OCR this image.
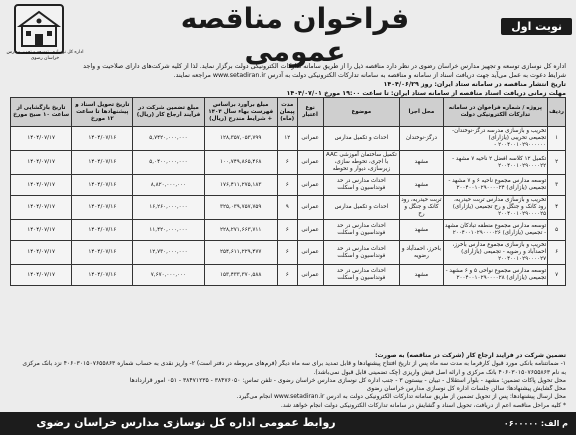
نوبت اول
فراخوان مناقصه عمومی
اداره کل نوسازی، توسعه و تجهیز مدارس خراسان رضوی
اداره کل نوسازی توسعه و تجهیز مدارس خراسان رضوی در نظر دارد مناقصه ذیل را از طریق سامانه تدارکات الکترونیکی دولت برگزار نماید. لذا از کلیه شرکت‌های دارای صلاحیت و واجد
شرایط دعوت به عمل می‌آید جهت دریافت اسناد از سامانه و مناقصه به سامانه تدارکات الکترونیکی دولت به آدرس www.setadiran.ir مراجعه نمایند.
تاریخ انتشار مناقصه در سامانه ستاد ایران: روز ۱۴۰۴/۰۶/۲۹
مهلت زمانی دریافت اسناد مناقصه از سامانه ستاد ایران: تا ساعت ۱۹:۰۰ مورخ ۱۴۰۴/۰۷/۰۱
ردیف	پروژه / شماره فراخوان در سامانه تدارکات الکترونیکی دولت	محل اجرا	موضوع	نوع اعتبار	مدت پیمان (ماه)	مبلغ برآورد براساس فهرست بهاء سال ۱۴۰۴ + شرایط مندرج (ریال)	مبلغ تضمین شرکت در فرآیند ارجاع کار (ریال)	تاریخ تحویل اسناد و پیشنهادها تا ساعت ۱۲ مورخ	تاریخ بازگشایی از ساعت ۱۰ صبح مورخ
۱	تخریب و بازسازی مدرسه درگز-نوخندان- تجمیعی تحریبی (یازارای) ۲۰۰۴۰۰۱۰۲۹۰۰۰۰۰۰ -	درگز-نوخندان	احداث و تکمیل مدارس	عمرانی	۱۲	۱۲۸,۳۵۷,۰۵۳,۷۹۹	۵,۷۴۲۰,۰۰۰,۰۰۰	۱۴۰۴/۰۷/۱۶	۱۴۰۴/۰۷/۱۷
۲	تکمیل ۱۲ کلاسه افضل ۲ ناحیه ۷ مشهد - ۲۰۰۴۰۰۱۰۲۹۰۰۰۰۲۲	مشهد	تکمیل ساختمان آموزشی AAC با اجری، تحوطه سازی، زیرسازی، دیوار و تحوطه	عمرانی	۶	۱۰۰,۷۴۹,۸۶۵,۴۶۸	۵,۰۴۰۰,۰۰۰,۰۰۰	۱۴۰۴/۰۷/۱۶	۱۴۰۴/۰۷/۱۷
۳	توسعه مدارس مجموع ناحیه ۶ و ۷ مشهد - تجمیعی (یازارای) ۲۰۰۴۰۰۱۰۲۹۰۰۰۰۲۴	مشهد	احداث مدارس در حد فونداسیون و اسکلت	عمرانی	۶	۱۷۶,۴۱۱,۲۷۵,۱۸۳	۸,۸۲۰,۰۰۰,۰۰۰	۱۴۰۴/۰۷/۱۶	۱۴۰۴/۰۷/۱۷
۴	تخریب و بازسازی مدارس تربت حیدریه، رود کانک و جنگل و رخ تجمیعی (یازارای) ۲۰۰۴۰۰۱۰۲۹۰۰۰۰۲۵	تربت حیدریه، رود کانک و جنگل و رخ	احداث و تکمیل مدارس	عمرانی	۹	۳۲۵,۰۳۹,۷۵۷,۷۵۹	۱۶,۲۶۰,۰۰۰,۰۰۰	۱۴۰۴/۰۷/۱۶	۱۴۰۴/۰۷/۱۷
۵	توسعه مدارس مجموع منطقه تبادکان مشهد - تجمیعی (یازارای) ۲۰۰۴۰۰۱۰۲۹۰۰۰۰۲۶	مشهد	احداث مدارس در حد فونداسیون و اسکلت	عمرانی	۶	۲۲۸,۲۷۱,۶۶۳,۷۱۱	۱۱,۴۲۰,۰۰۰,۰۰۰	۱۴۰۴/۰۷/۱۶	۱۴۰۴/۰۷/۱۷
۶	تخریب و بازسازی مجموع مدارس باخرز، احمدآباد و رضویه - تجمیعی (یازارای) ۲۰۰۴۰۰۱۰۲۹۰۰۰۰۲۷	باخرز، احمدآباد و رضویه	احداث مدارس در حد فونداسیون و اسکلت	عمرانی	۶	۲۵۴,۶۱۱,۲۲۹,۴۷۷	۱۲,۷۳۰,۰۰۰,۰۰۰	۱۴۰۴/۰۷/۱۶	۱۴۰۴/۰۷/۱۷
۷	توسعه مدارس مجموع نواحی ۵ و ۶ مشهد - تجمیعی (یازارای) ۲۰۰۴۰۰۱۰۲۹۰۰۰۰۲۸	مشهد	احداث مدارس در حد فونداسیون و اسکلت	عمرانی	۶	۱۵۳,۴۳۳,۳۷۰,۵۸۸	۷,۶۷۰,۰۰۰,۰۰۰	۱۴۰۴/۰۷/۱۶	۱۴۰۴/۰۷/۱۷
تضمین شرکت در فرآیند ارجاع کار (شرکت در مناقصه) به صورت:
۱- ضمانتنامه بانکی مورد قبول کارفرما به مدت سه ماه پس از تاریخ افتتاح پیشنهادها و قابل تمدید برای سه ماه دیگر (فرم‌های مربوطه در دفتر است) ۲- واریز نقدی به حساب شماره ۴۰۶۰۳۰۱۵۰۷۶۵۵۸۶۳ نزد بانک مرکزی
به نام ۴۰۶۰۳۰۱۵۰۷۶۵۵۸۶۳ بانک مرکزی و ارائه اصل فیش واریزی (چک تضمینی قابل قبول نمی‌باشد).
محل تحویل پاکات تضمین: مشهد - بلوار استقلال - تبیان - بیستون ۳ - جنب اداره کل نوسازی مدارس خراسان رضوی - تلفن تماس: ۳۸۴۷۶۰۵۰ - ۳۸۴۷۱۲۳۵ - ۰۵۱ امور قراردادها
محل گشایش پیشنهادها: سالن جلسات اداره کل نوسازی مدارس خراسان رضوی
محل ارسال پیشنهادها: پس از تحویل تضمین از طریق سامانه تدارکات الکترونیکی دولت به آدرس www.setadiran.ir انجام می‌گیرد.
* کلیه مراحل مناقصه اعم از دریافت، تحویل اسناد و گشایش در سامانه تدارکات الکترونیکی دولت انجام خواهد شد.
روابط عمومی اداره کل نوسازی مدارس خراسان رضوی	م الف: ۰۶۰۰۰۰۰
